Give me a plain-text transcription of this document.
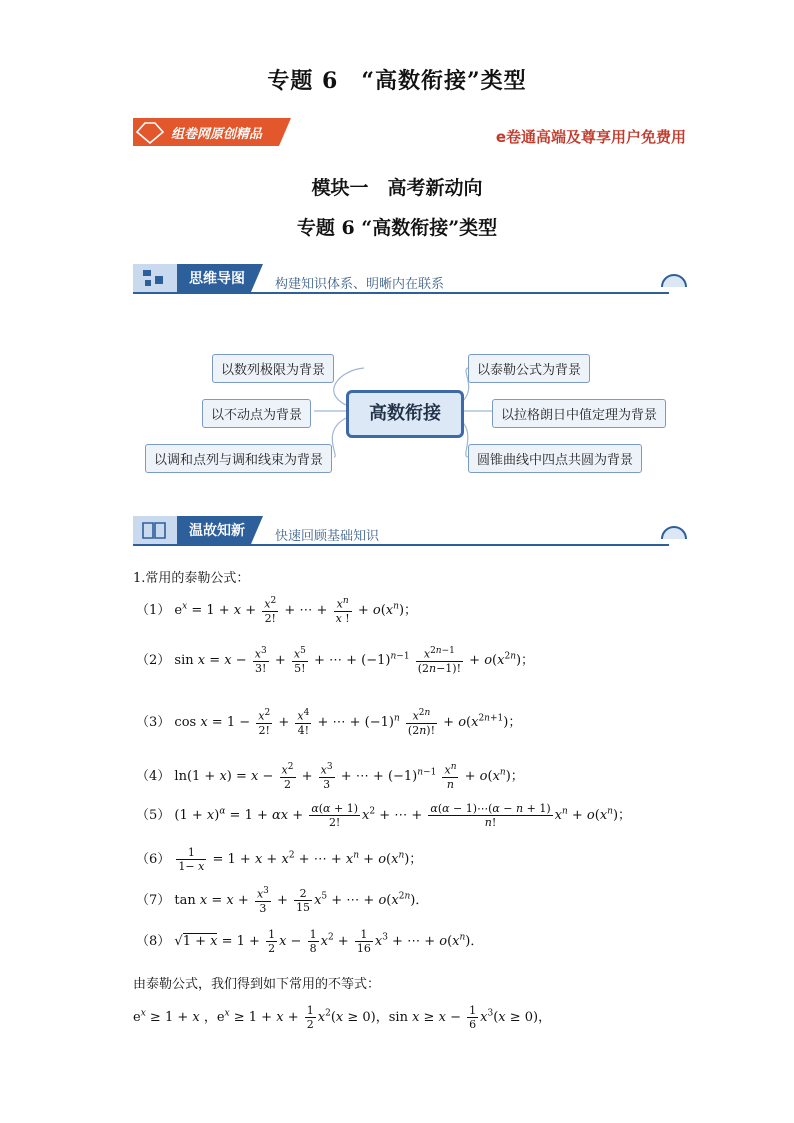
专题 6　“高数衔接”类型
组卷网原创精品	e卷通高端及尊享用户免费用
模块一　高考新动向
专题 6 “高数衔接”类型
思维导图 构建知识体系、明晰内在联系
高数衔接
以数列极限为背景
以不动点为背景
以调和点列与调和线束为背景
以泰勒公式为背景
以拉格朗日中值定理为背景
圆锥曲线中四点共圆为背景
温故知新 快速回顾基础知识
1.常用的泰勒公式：
（1） $e^x = 1 + x + \frac{x^2}{2!}$ + ⋯ + $\frac{x^n}{x !} + o(x^n)$；
（2） $\sin x = x - \frac{x^3}{3!} + \frac{x^5}{5!}$ + ⋯ + $(-1)^{n-1} \frac{x^{2n-1}}{(2n-1)!} + o(x^{2n})$；
（3） $\cos x = 1 - \frac{x^2}{2!} + \frac{x^4}{4!}$ + ⋯ + $(-1)^n \frac{x^{2n}}{(2n)!} + o(x^{2n+1})$；
（4） $\ln(1 + x) = x - \frac{x^2}{2} + \frac{x^3}{3}$ + ⋯ + $(-1)^{n-1} \frac{x^n}{n} + o(x^n)$；
（5） $(1 + x)^\alpha = 1 + \alpha x + \frac{\alpha(\alpha + 1)}{2!} x^2$ + ⋯ + $\frac{\alpha(\alpha - 1)\cdots(\alpha - n + 1)}{n!} x^n + o(x^n)$；
$(6) \frac{1}{1- x} = 1 + x + x^2$ + ⋯ + $x^n + o(x^n)$；
（7） $\tan x = x + \frac{x^3}{3} + \frac{2}{15} x^5$ + ⋯ + $o(x^{2n})$．
（8） $√1 + x = 1 + \frac{1}{2}$ $x - \frac{1}{8} x^2 + \frac{1}{16} x^3$ + ⋯ + $o(x^n)$．
由泰勒公式，我们得到如下常用的不等式：
$e^x \ge 1 + x$ ，$e^x \ge 1 + x + \frac{1}{2} x^2(x \ge 0)$，$\sin x \ge x - \frac{1}{6} x^3(x \ge 0)$，
